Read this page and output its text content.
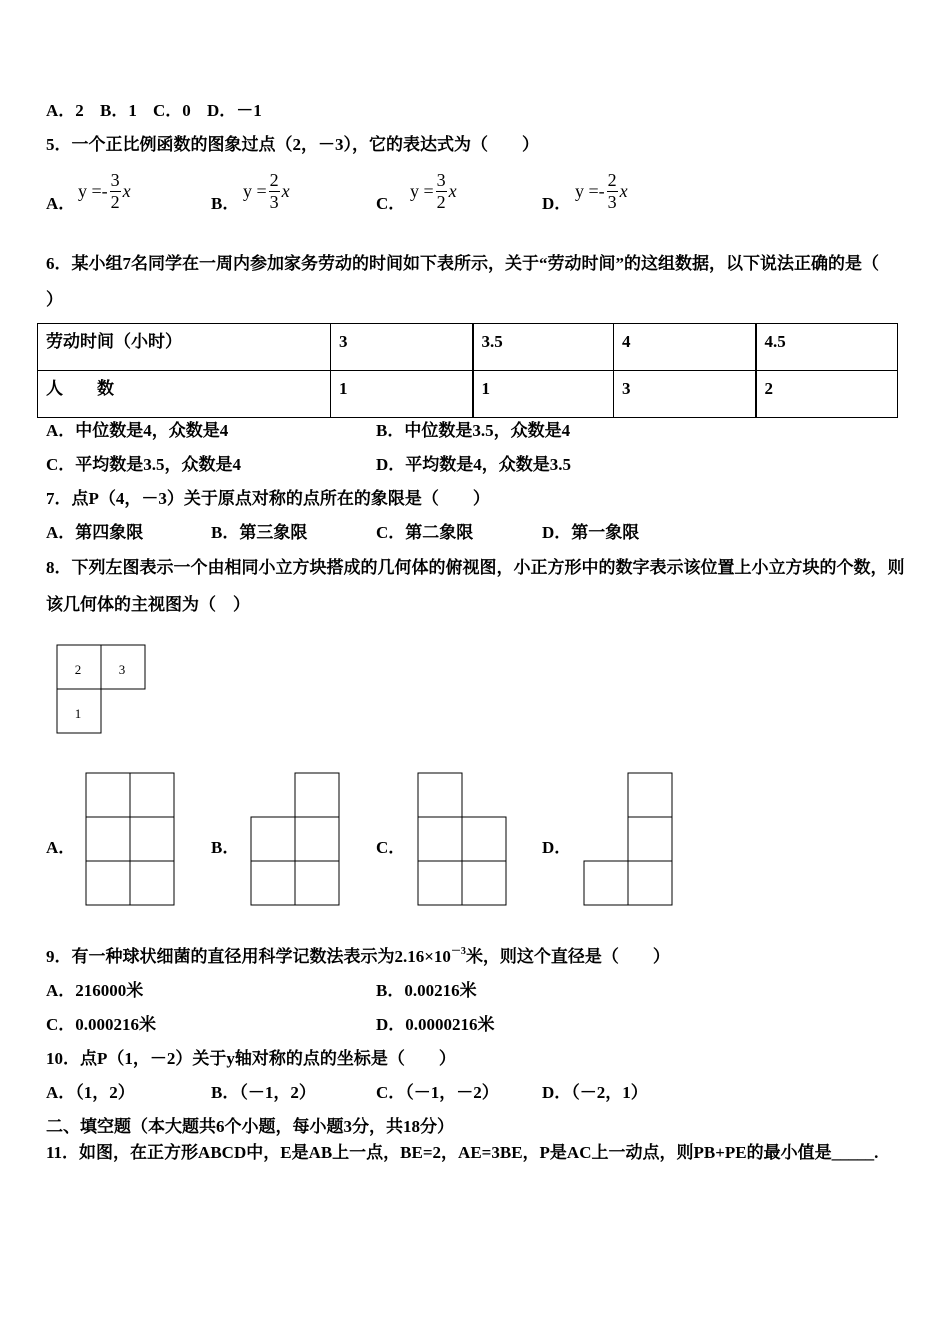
A．2 B．1 C．0 D．－1
5．一个正比例函数的图象过点（2，－3），它的表达式为（　　）
A．
$y =- \frac{3}{2}$ x
B．
$y = \frac{2}{3}$ x
C．
$y = \frac{3}{2}$ x
D．
$y =- \frac{2}{3}$ x
6．某小组7名同学在一周内参加家务劳动的时间如下表所示，关于“劳动时间”的这组数据，以下说法正确的是（
）
劳动时间（小时）	3	3.5	4	4.5
人　　数	1	1	3	2
A．中位数是4，众数是4	B．中位数是3.5，众数是4
C．平均数是3.5，众数是4	D．平均数是4，众数是3.5
7．点P（4，－3）关于原点对称的点所在的象限是（　　）
A．第四象限	B．第三象限	C．第二象限	D．第一象限
8．下列左图表示一个由相同小立方块搭成的几何体的俯视图，小正方形中的数字表示该位置上小立方块的个数，则
该几何体的主视图为（　）
2	3
1
A．	B．	C．	D．
9．有一种球状细菌的直径用科学记数法表示为$2.16\times 10^{-3}$米，则这个直径是（　　）
A．216000米	B．0.00216米
C．0.000216米	D．0.0000216米
10．点P（1，－2）关于y轴对称的点的坐标是（　　）
A．（1，2）	B．（－1，2）	C．（－1，－2）	D．（－2，1）
二、填空题（本大题共6个小题，每小题3分，共18分）
11．如图，在正方形ABCD中，E是AB上一点，BE=2，AE=3BE，P是AC上一动点，则PB+PE的最小值是_____.
